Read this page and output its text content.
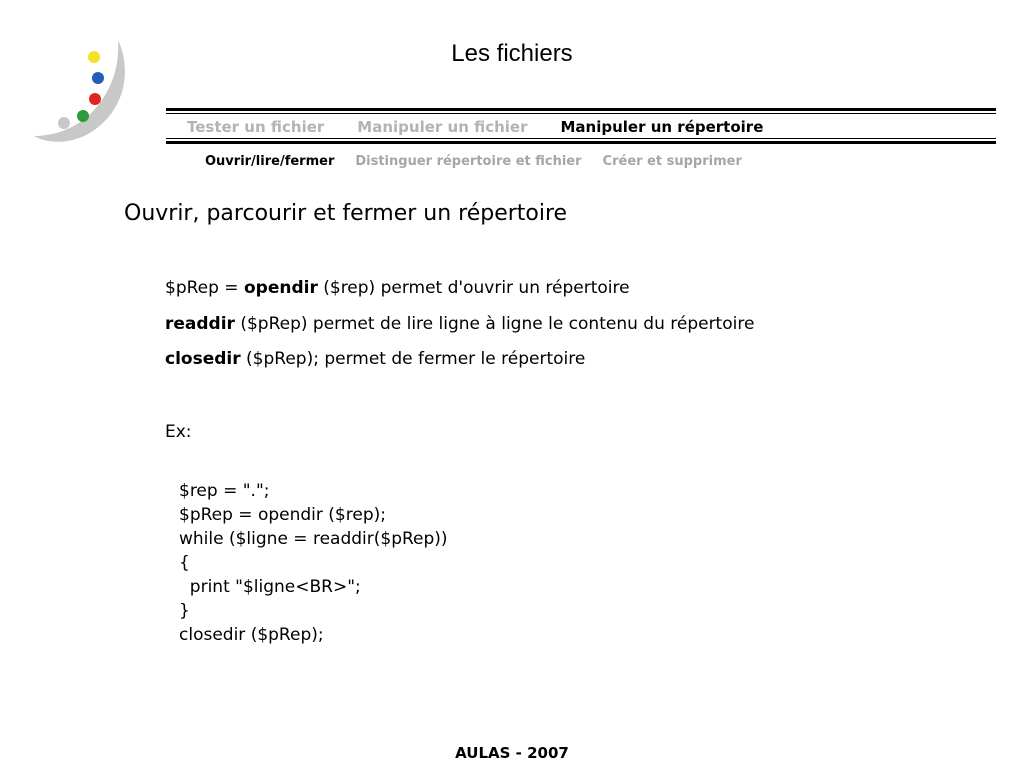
Les fichiers
Tester un fichier Manipuler un fichier Manipuler un répertoire
Ouvrir/lire/fermer Distinguer répertoire et fichier Créer et supprimer
Ouvrir, parcourir et fermer un répertoire
$pRep = opendir ($rep) permet d'ouvrir un répertoire
readdir ($pRep) permet de lire ligne à ligne le contenu du répertoire
closedir ($pRep); permet de fermer le répertoire
Ex:

$rep = ".";
$pRep = opendir ($rep);
while ($ligne = readdir($pRep))
{
print "$ligne<BR>";
}
closedir ($pRep);

AULAS - 2007
